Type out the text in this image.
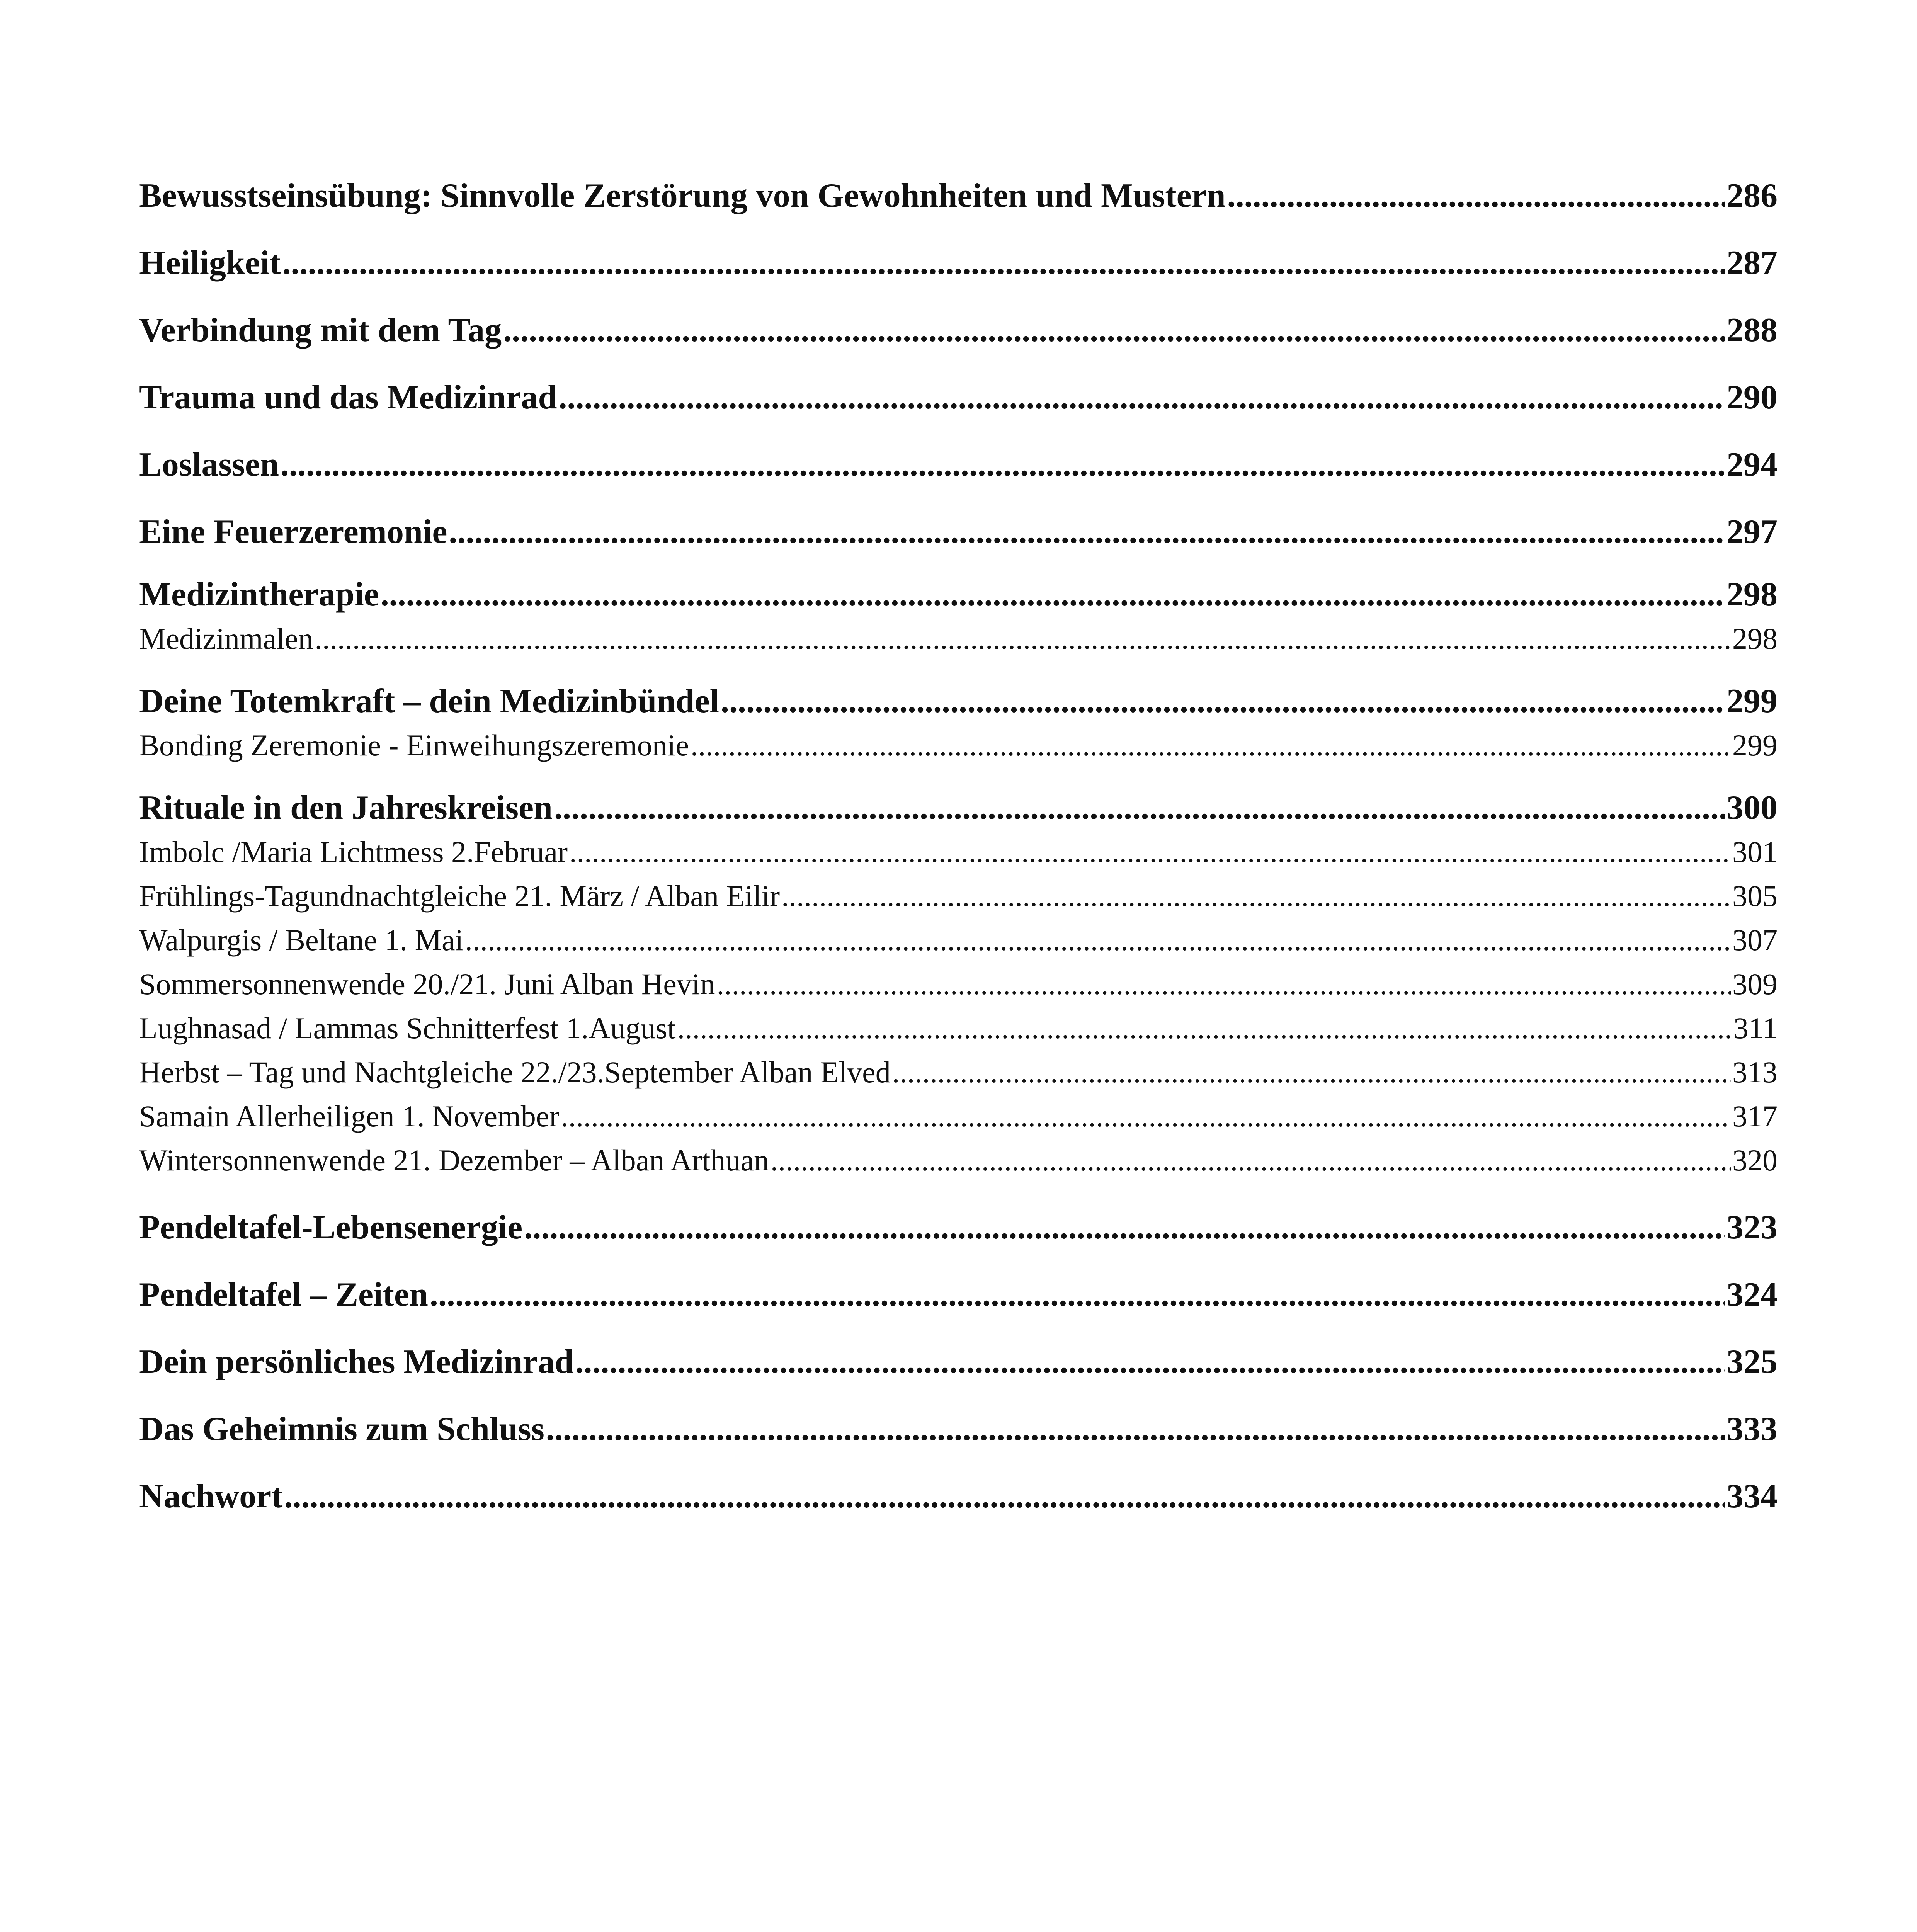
Bewusstseinsübung: Sinnvolle Zerstörung von Gewohnheiten und Mustern .....	286
Heiligkeit .....	287
Verbindung mit dem Tag .....	288
Trauma und das Medizinrad .....	290
Loslassen .....	294
Eine Feuerzeremonie .....	297
Medizintherapie .....	298
Medizinmalen .....	298
Deine Totemkraft – dein Medizinbündel .....	299
Bonding Zeremonie - Einweihungszeremonie .....	299
Rituale in den Jahreskreisen .....	300
Imbolc /Maria Lichtmess 2.Februar .....	301
Frühlings-Tagundnachtgleiche 21. März / Alban Eilir .....	305
Walpurgis / Beltane 1. Mai .....	307
Sommersonnenwende 20./21. Juni Alban Hevin .....	309
Lughnasad / Lammas Schnitterfest 1.August .....	311
Herbst – Tag und Nachtgleiche 22./23.September Alban Elved .....	313
Samain Allerheiligen 1. November .....	317
Wintersonnenwende 21. Dezember – Alban Arthuan .....	320
Pendeltafel-Lebensenergie .....	323
Pendeltafel – Zeiten .....	324
Dein persönliches Medizinrad .....	325
Das Geheimnis zum Schluss .....	333
Nachwort .....	334
